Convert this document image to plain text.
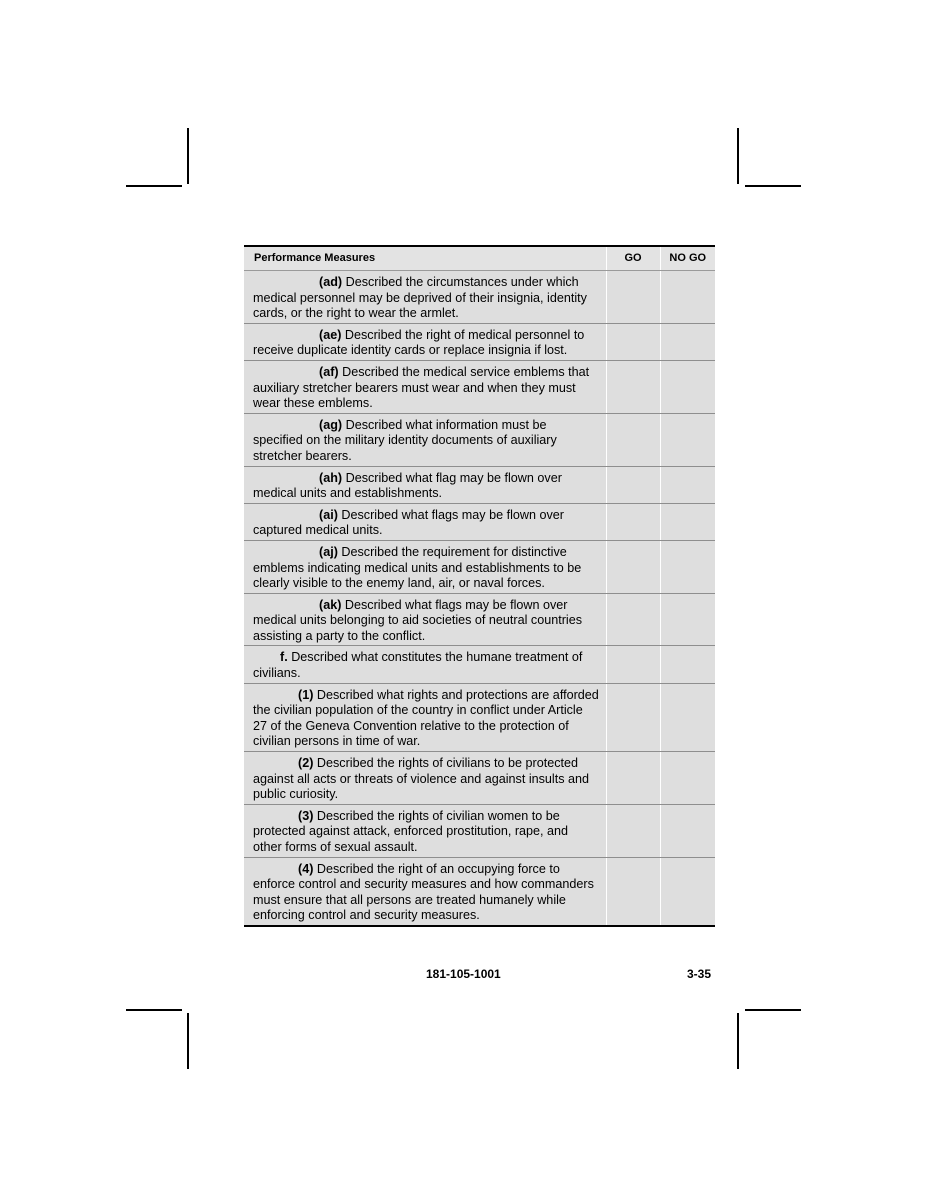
Performance Measures	GO	NO GO
(ad) Described the circumstances under which medical personnel may be deprived of their insignia, identity cards, or the right to wear the armlet.		
(ae) Described the right of medical personnel to receive duplicate identity cards or replace insignia if lost.		
(af) Described the medical service emblems that auxiliary stretcher bearers must wear and when they must wear these emblems.		
(ag) Described what information must be specified on the military identity documents of auxiliary stretcher bearers.		
(ah) Described what flag may be flown over medical units and establishments.		
(ai) Described what flags may be flown over captured medical units.		
(aj) Described the requirement for distinctive emblems indicating medical units and establishments to be clearly visible to the enemy land, air, or naval forces.		
(ak) Described what flags may be flown over medical units belonging to aid societies of neutral countries assisting a party to the conflict.		
f. Described what constitutes the humane treatment of civilians.		
(1) Described what rights and protections are afforded the civilian population of the country in conflict under Article 27 of the Geneva Convention relative to the protection of civilian persons in time of war.		
(2) Described the rights of civilians to be protected against all acts or threats of violence and against insults and public curiosity.		
(3) Described the rights of civilian women to be protected against attack, enforced prostitution, rape, and other forms of sexual assault.		
(4) Described the right of an occupying force to enforce control and security measures and how commanders must ensure that all persons are treated humanely while enforcing control and security measures.		
181-105-1001	3-35
